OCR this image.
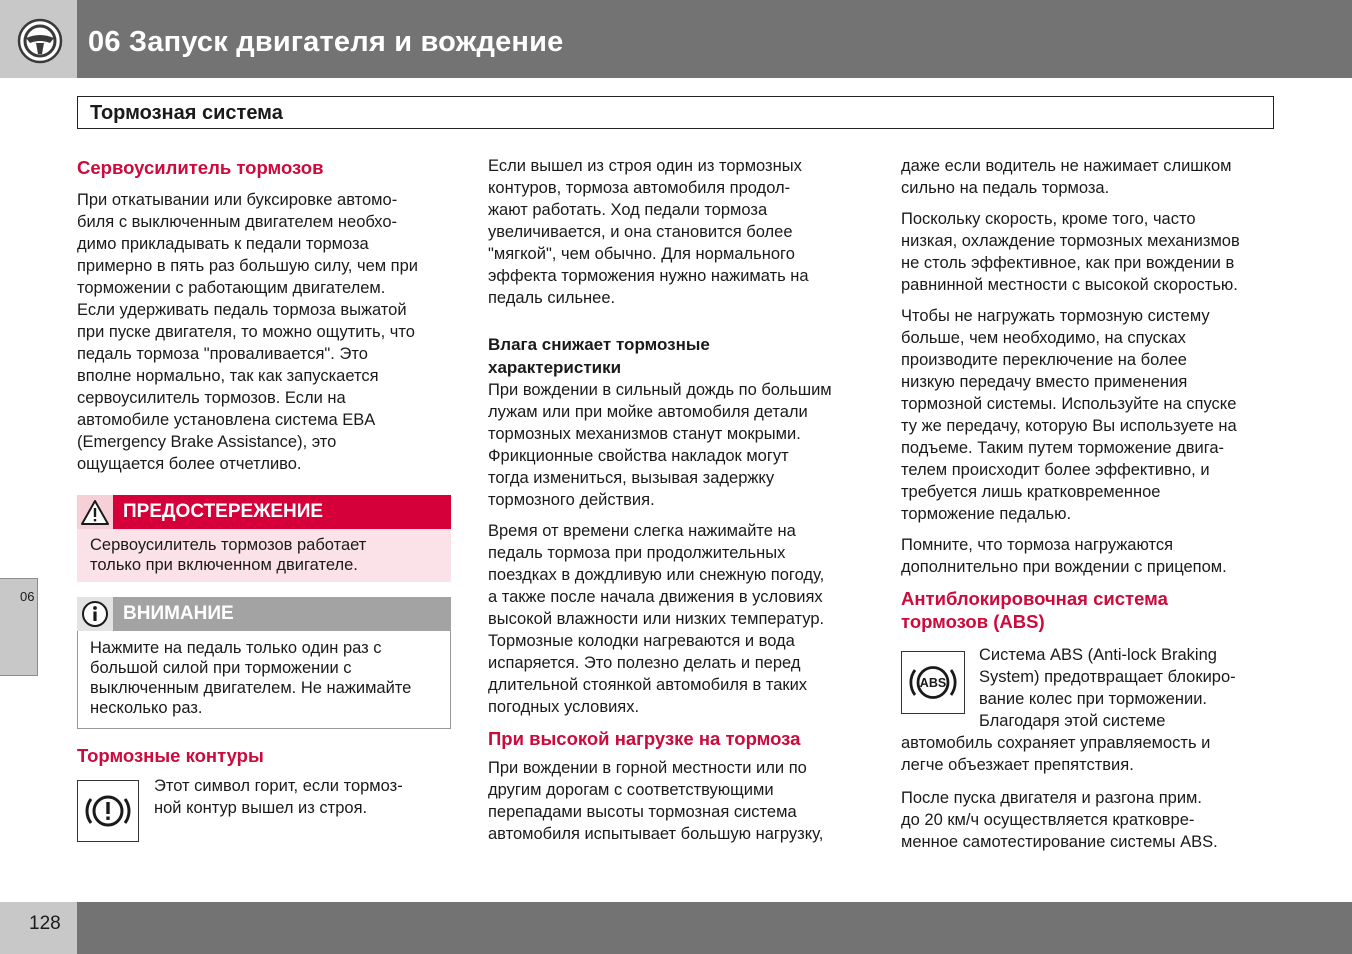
06 Запуск двигателя и вождение
Тормозная система
06
Сервоусилитель тормозов

При откатывании или буксировке автомо-
биля с выключенным двигателем необхо-
димо прикладывать к педали тормоза
примерно в пять раз большую силу, чем при
торможении с работающим двигателем.
Если удерживать педаль тормоза выжатой
при пуске двигателя, то можно ощутить, что
педаль тормоза "проваливается". Это
вполне нормально, так как запускается
сервоусилитель тормозов. Если на
автомобиле установлена система EBA
(Emergency Brake Assistance), это
ощущается более отчетливо.

ПРЕДОСТЕРЕЖЕНИЕ
Сервоусилитель тормозов работает
только при включенном двигателе.
ВНИМАНИЕ
Нажмите на педаль только один раз с
большой силой при торможении с
выключенным двигателем. Не нажимайте
несколько раз.
Тормозные контуры

Этот символ горит, если тормоз-
ной контур вышел из строя.

Если вышел из строя один из тормозных
контуров, тормоза автомобиля продол-
жают работать. Ход педали тормоза
увеличивается, и она становится более
"мягкой", чем обычно. Для нормального
эффекта торможения нужно нажимать на
педаль сильнее.

Влага снижает тормозные
характеристики

При вождении в сильный дождь по большим
лужам или при мойке автомобиля детали
тормозных механизмов станут мокрыми.
Фрикционные свойства накладок могут
тогда измениться, вызывая задержку
тормозного действия.

Время от времени слегка нажимайте на
педаль тормоза при продолжительных
поездках в дождливую или снежную погоду,
а также после начала движения в условиях
высокой влажности или низких температур.
Тормозные колодки нагреваются и вода
испаряется. Это полезно делать и перед
длительной стоянкой автомобиля в таких
погодных условиях.

При высокой нагрузке на тормоза

При вождении в горной местности или по
другим дорогам с соответствующими
перепадами высоты тормозная система
автомобиля испытывает большую нагрузку,

даже если водитель не нажимает слишком
сильно на педаль тормоза.

Поскольку скорость, кроме того, часто
низкая, охлаждение тормозных механизмов
не столь эффективное, как при вождении в
равнинной местности с высокой скоростью.

Чтобы не нагружать тормозную систему
больше, чем необходимо, на спусках
производите переключение на более
низкую передачу вместо применения
тормозной системы. Используйте на спуске
ту же передачу, которую Вы используете на
подъеме. Таким путем торможение двига-
телем происходит более эффективно, и
требуется лишь кратковременное
торможение педалью.

Помните, что тормоза нагружаются
дополнительно при вождении с прицепом.

Антиблокировочная система
тормозов (ABS)
ABS

Система ABS (Anti-lock Braking
System) предотвращает блокиро-
вание колес при торможении.
Благодаря этой системе

автомобиль сохраняет управляемость и
легче объезжает препятствия.

После пуска двигателя и разгона прим.
до 20 км/ч осуществляется кратковре-
менное самотестирование системы ABS.

128
